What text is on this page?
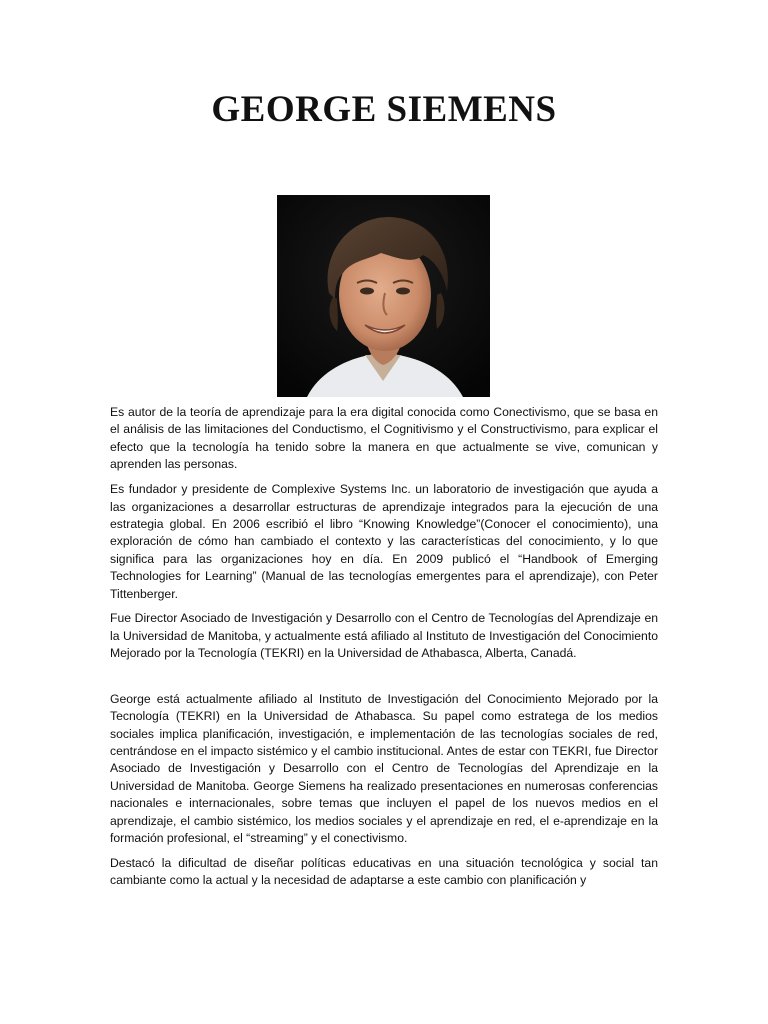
GEORGE SIEMENS

Es autor de la teoría de aprendizaje para la era digital conocida como Conectivismo, que se basa en el análisis de las limitaciones del Conductismo, el Cognitivismo y el Constructivismo, para explicar el efecto que la tecnología ha tenido sobre la manera en que actualmente se vive, comunican y aprenden las personas.

Es fundador y presidente de Complexive Systems Inc. un laboratorio de investigación que ayuda a las organizaciones a desarrollar estructuras de aprendizaje integrados para la ejecución de una estrategia global. En 2006 escribió el libro “Knowing Knowledge”(Conocer el conocimiento), una exploración de cómo han cambiado el contexto y las características del conocimiento, y lo que significa para las organizaciones hoy en día. En 2009 publicó el “Handbook of Emerging Technologies for Learning” (Manual de las tecnologías emergentes para el aprendizaje), con Peter Tittenberger.

Fue Director Asociado de Investigación y Desarrollo con el Centro de Tecnologías del Aprendizaje en la Universidad de Manitoba, y actualmente está afiliado al Instituto de Investigación del Conocimiento Mejorado por la Tecnología (TEKRI) en la Universidad de Athabasca, Alberta, Canadá.

George está actualmente afiliado al Instituto de Investigación del Conocimiento Mejorado por la Tecnología (TEKRI) en la Universidad de Athabasca. Su papel como estratega de los medios sociales implica planificación, investigación, e implementación de las tecnologías sociales de red, centrándose en el impacto sistémico y el cambio institucional. Antes de estar con TEKRI, fue Director Asociado de Investigación y Desarrollo con el Centro de Tecnologías del Aprendizaje en la Universidad de Manitoba. George Siemens ha realizado presentaciones en numerosas conferencias nacionales e internacionales, sobre temas que incluyen el papel de los nuevos medios en el aprendizaje, el cambio sistémico, los medios sociales y el aprendizaje en red, el e-aprendizaje en la formación profesional, el “streaming” y el conectivismo.

Destacó la dificultad de diseñar políticas educativas en una situación tecnológica y social tan cambiante como la actual y la necesidad de adaptarse a este cambio con planificación y
